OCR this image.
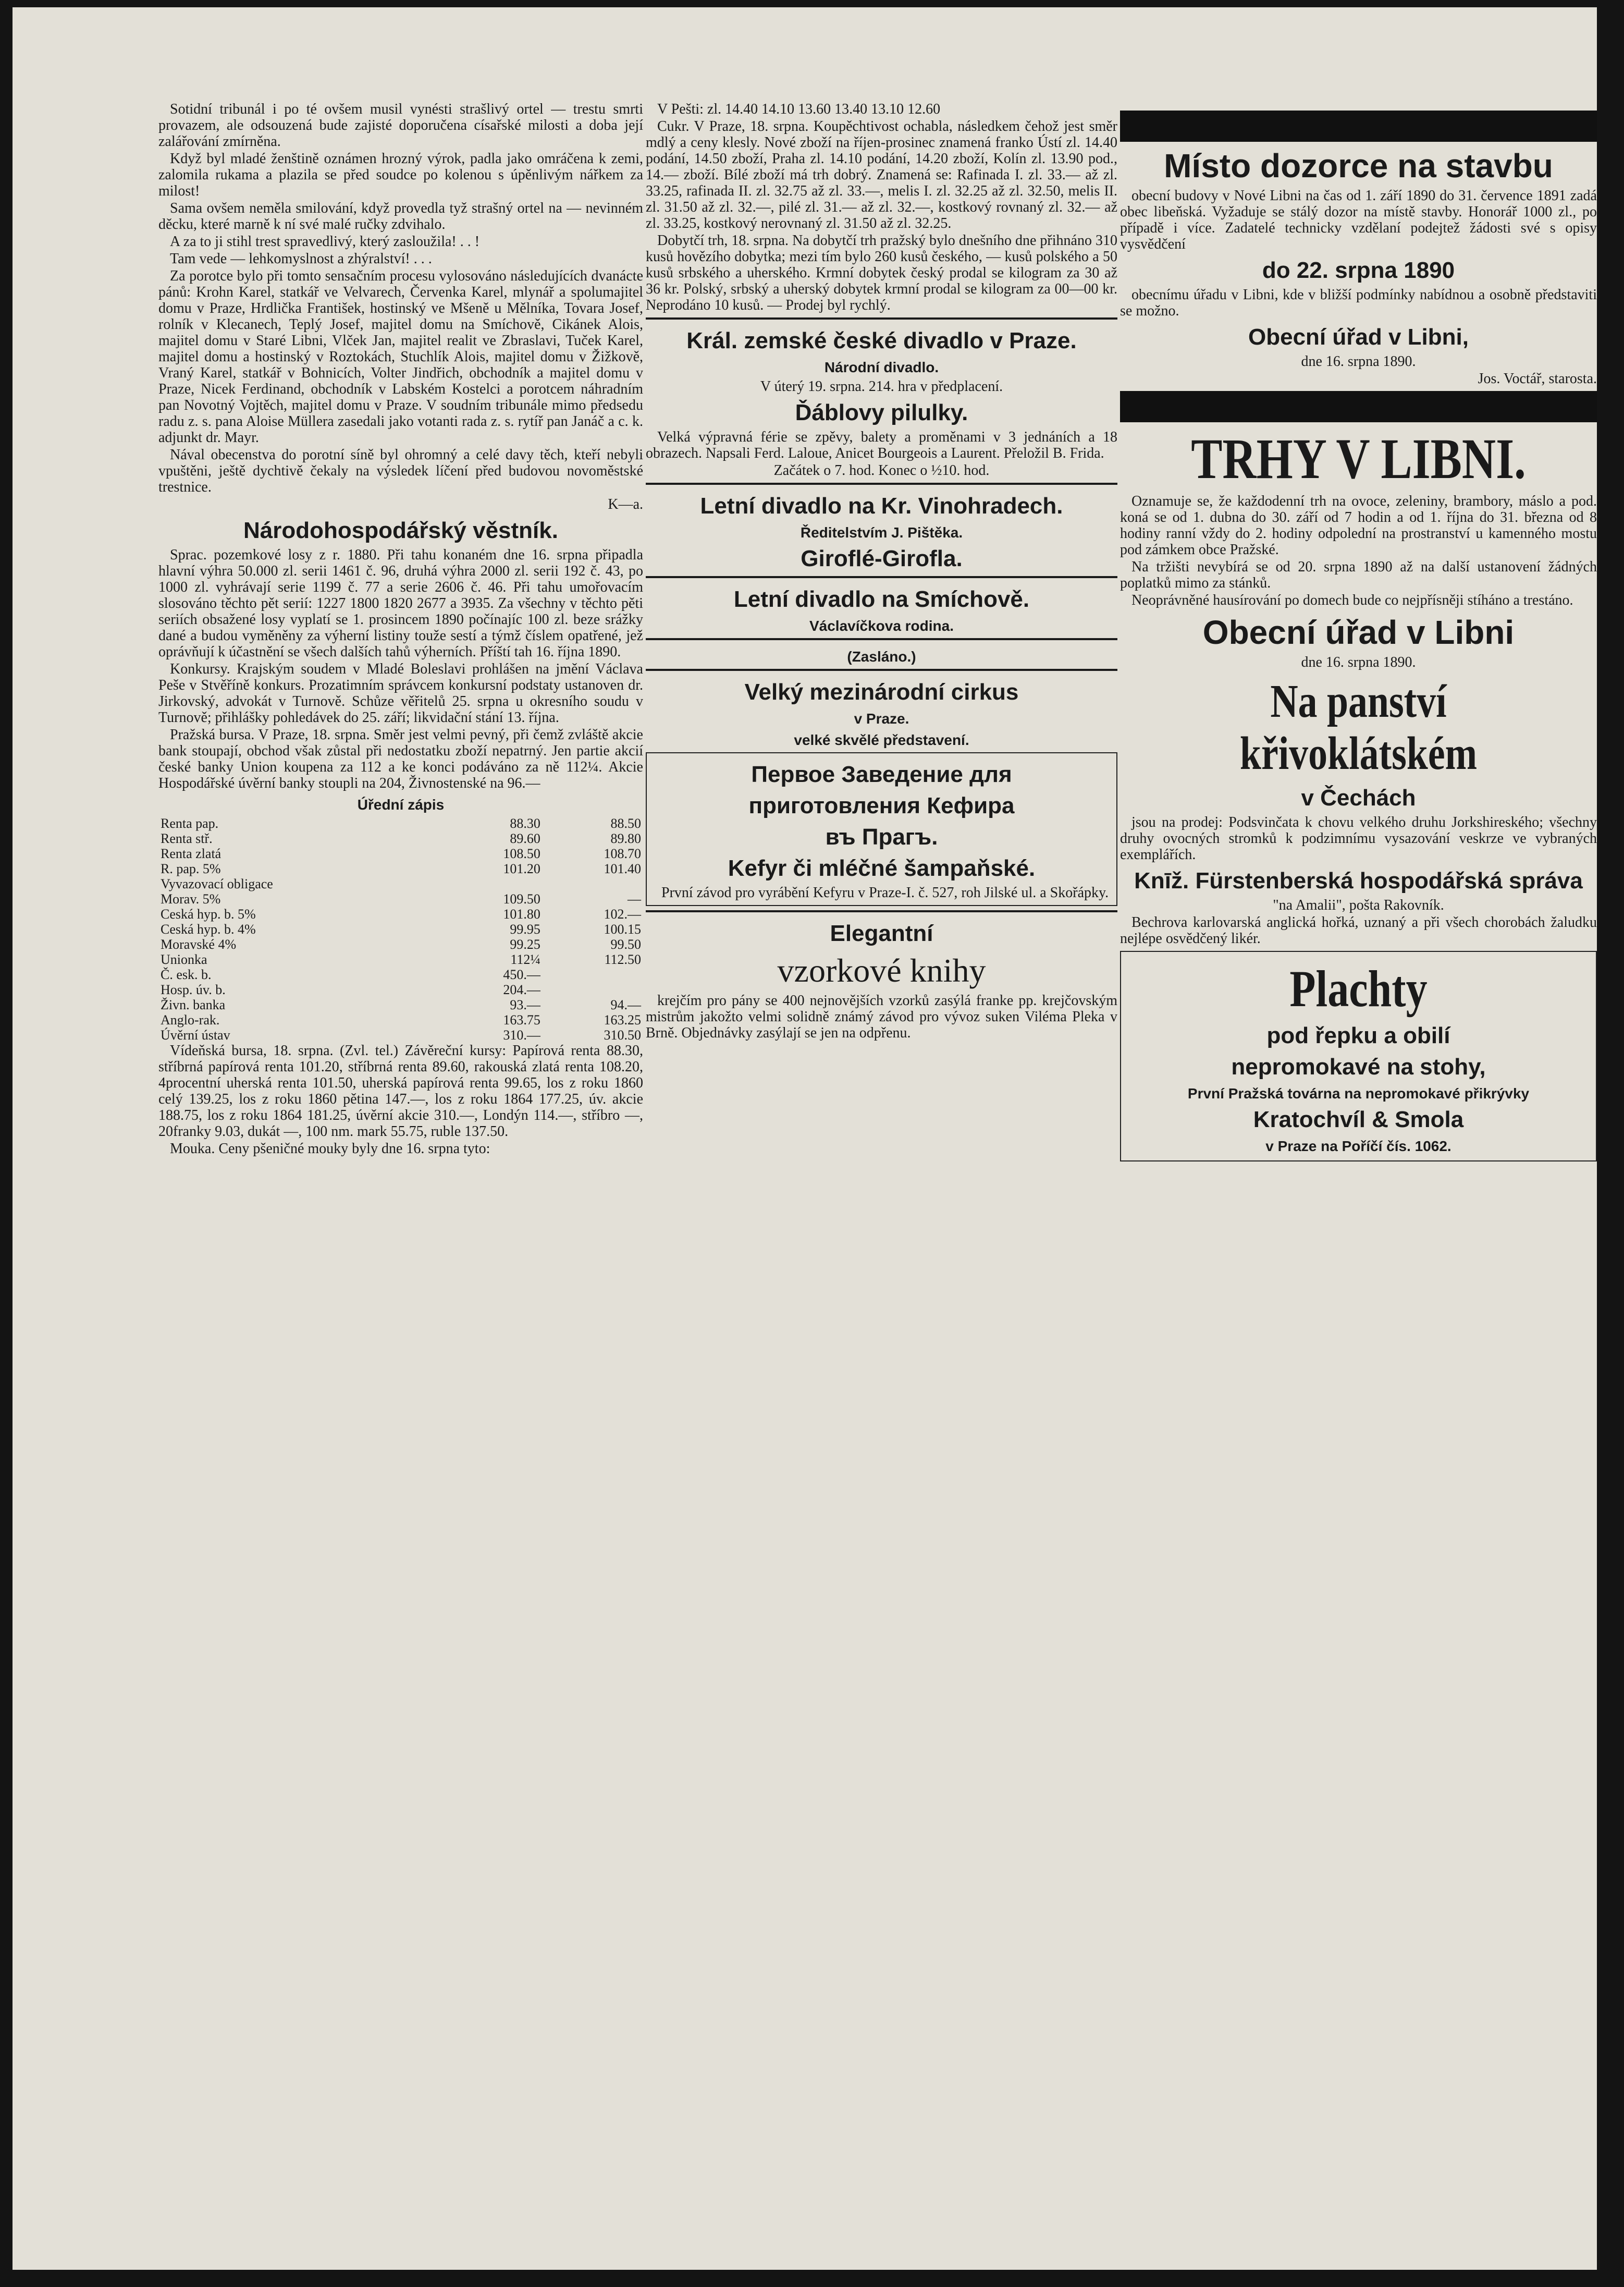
Sotidní tribunál i po té ovšem musil vynésti strašlivý ortel — trestu smrti provazem, ale odsouzená bude zajisté doporučena císařské milosti a doba její zalářování zmírněna.

Když byl mladé ženštině oznámen hrozný výrok, padla jako omráčena k zemi, zalomila rukama a plazila se před soudce po kolenou s úpěnlivým nářkem za milost!

Sama ovšem neměla smilování, když provedla tyž strašný ortel na — nevinném děcku, které marně k ní své malé ručky zdvihalo.

A za to ji stihl trest spravedlivý, který zasloužila! . . !

Tam vede — lehkomyslnost a zhýralství! . . .

Za porotce bylo při tomto sensačním procesu vylosováno následujících dvanácte pánů: Krohn Karel, statkář ve Velvarech, Červenka Karel, mlynář a spolumajitel domu v Praze, Hrdlička František, hostinský ve Mšeně u Mělníka, Tovara Josef, rolník v Klecanech, Teplý Josef, majitel domu na Smíchově, Cikánek Alois, majitel domu v Staré Libni, Vlček Jan, majitel realit ve Zbraslavi, Tuček Karel, majitel domu a hostinský v Roztokách, Stuchlík Alois, majitel domu v Žižkově, Vraný Karel, statkář v Bohnicích, Volter Jindřich, obchodník a majitel domu v Praze, Nicek Ferdinand, obchodník v Labském Kostelci a porotcem náhradním pan Novotný Vojtěch, majitel domu v Praze. V soudním tribunále mimo předsedu radu z. s. pana Aloise Müllera zasedali jako votanti rada z. s. rytíř pan Janáč a c. k. adjunkt dr. Mayr.

Nával obecenstva do porotní síně byl ohromný a celé davy těch, kteří nebyli vpuštěni, ještě dychtivě čekaly na výsledek líčení před budovou novoměstské trestnice.

K—a.

Národohospodářský věstník.

Sprac. pozemkové losy z r. 1880. Při tahu konaném dne 16. srpna připadla hlavní výhra 50.000 zl. serii 1461 č. 96, druhá výhra 2000 zl. serii 192 č. 43, po 1000 zl. vyhrávají serie 1199 č. 77 a serie 2606 č. 46. Při tahu umořovacím slosováno těchto pět serií: 1227 1800 1820 2677 a 3935. Za všechny v těchto pěti seriích obsažené losy vyplatí se 1. prosincem 1890 počínajíc 100 zl. beze srážky dané a budou vyměněny za výherní listiny touže sestí a týmž číslem opatřené, jež oprávňují k účastnění se všech dalších tahů výherních. Příští tah 16. října 1890.

Konkursy. Krajským soudem v Mladé Boleslavi prohlášen na jmění Václava Peše v Stvěříně konkurs. Prozatimním správcem konkursní podstaty ustanoven dr. Jirkovský, advokát v Turnově. Schůze věřitelů 25. srpna u okresního soudu v Turnově; přihlášky pohledávek do 25. září; likvidační stání 13. října.

Pražská bursa. V Praze, 18. srpna. Směr jest velmi pevný, při čemž zvláště akcie bank stoupají, obchod však zůstal při nedostatku zboží nepatrný. Jen partie akcií české banky Union koupena za 112 a ke konci podáváno za ně 112¼. Akcie Hospodářské úvěrní banky stoupli na 204, Živnostenské na 96.—

Úřední zápis
Renta pap.	88.30	88.50
Renta stř.	89.60	89.80
Renta zlatá	108.50	108.70
R. pap. 5%	101.20	101.40
Vyvazovací obligace		
Morav. 5%	109.50	—
Ceská hyp. b. 5%	101.80	102.—
Ceská hyp. b. 4%	99.95	100.15
Moravské 4%	99.25	99.50
Unionka	112¼	112.50
Č. esk. b.	450.—	
Hosp. úv. b.	204.—	
Živn. banka	93.—	94.—
Anglo-rak.	163.75	163.25
Úvěrní ústav	310.—	310.50

Vídeňská bursa, 18. srpna. (Zvl. tel.) Závěreční kursy: Papírová renta 88.30, stříbrná papírová renta 101.20, stříbrná renta 89.60, rakouská zlatá renta 108.20, 4procentní uherská renta 101.50, uherská papírová renta 99.65, los z roku 1860 celý 139.25, los z roku 1860 pětina 147.—, los z roku 1864 177.25, úv. akcie 188.75, los z roku 1864 181.25, úvěrní akcie 310.—, Londýn 114.—, stříbro —, 20franky 9.03, dukát —, 100 nm. mark 55.75, ruble 137.50.

Mouka. Ceny pšeničné mouky byly dne 16. srpna tyto:

V Pešti: zl. 14.40 14.10 13.60 13.40 13.10 12.60

Cukr. V Praze, 18. srpna. Koupěchtivost ochabla, následkem čehož jest směr mdlý a ceny klesly. Nové zboží na říjen-prosinec znamená franko Ústí zl. 14.40 podání, 14.50 zboží, Praha zl. 14.10 podání, 14.20 zboží, Kolín zl. 13.90 pod., 14.— zboží. Bílé zboží má trh dobrý. Znamená se: Rafinada I. zl. 33.— až zl. 33.25, rafinada II. zl. 32.75 až zl. 33.—, melis I. zl. 32.25 až zl. 32.50, melis II. zl. 31.50 až zl. 32.—, pilé zl. 31.— až zl. 32.—, kostkový rovnaný zl. 32.— až zl. 33.25, kostkový nerovnaný zl. 31.50 až zl. 32.25.

Dobytčí trh, 18. srpna. Na dobytčí trh pražský bylo dnešního dne přihnáno 310 kusů hovězího dobytka; mezi tím bylo 260 kusů českého, — kusů polského a 50 kusů srbského a uherského. Krmní dobytek český prodal se kilogram za 30 až 36 kr. Polský, srbský a uherský dobytek krmní prodal se kilogram za 00—00 kr. Neprodáno 10 kusů. — Prodej byl rychlý.

Král. zemské české divadlo v Praze.
Národní divadlo.

V úterý 19. srpna. 214. hra v předplacení.

Ďáblovy pilulky.

Velká výpravná férie se zpěvy, balety a proměnami v 3 jednáních a 18 obrazech. Napsali Ferd. Laloue, Anicet Bourgeois a Laurent. Přeložil B. Frida.

Začátek o 7. hod. Konec o ½10. hod.

Letní divadlo na Kr. Vinohradech.
Ředitelstvím J. Pištěka.
Giroflé-Girofla.
Letní divadlo na Smíchově.
Václavíčkova rodina.
(Zasláno.)
Velký mezinárodní cirkus
v Praze.
velké skvělé představení.
Первое Заведение для
приготовления Кефира
въ Прагъ.
Kefyr či mléčné šampaňské.

První závod pro vyrábění Kefyru v Praze-I. č. 527, roh Jilské ul. a Skořápky.

Elegantní
vzorkové knihy

krejčím pro pány se 400 nejnovějších vzorků zasýlá franke pp. krejčovským mistrům jakožto velmi solidně známý závod pro vývoz suken Viléma Pleka v Brně. Objednávky zasýlají se jen na odpřenu.

Místo dozorce na stavbu

obecní budovy v Nové Libni na čas od 1. září 1890 do 31. července 1891 zadá obec libeňská. Vyžaduje se stálý dozor na místě stavby. Honorář 1000 zl., po případě i více. Zadatelé technicky vzdělaní podejtež žádosti své s opisy vysvědčení

do 22. srpna 1890

obecnímu úřadu v Libni, kde v bližší podmínky nabídnou a osobně představiti se možno.

Obecní úřad v Libni,

dne 16. srpna 1890.

Jos. Voctář, starosta.

TRHY V LIBNI.

Oznamuje se, že každodenní trh na ovoce, zeleniny, brambory, máslo a pod. koná se od 1. dubna do 30. září od 7 hodin a od 1. října do 31. března od 8 hodiny ranní vždy do 2. hodiny odpolední na prostranství u kamenného mostu pod zámkem obce Pražské.

Na tržišti nevybírá se od 20. srpna 1890 až na další ustanovení žádných poplatků mimo za stánků.

Neoprávněné hausírování po domech bude co nejpřísněji stíháno a trestáno.

Obecní úřad v Libni

dne 16. srpna 1890.

Na panství křivoklátském
v Čechách

jsou na prodej: Podsvinčata k chovu velkého druhu Jorkshireského; všechny druhy ovocných stromků k podzimnímu vysazování veskrze ve vybraných exemplářích.

Knīž. Fürstenberská hospodářská správa

"na Amalii", pošta Rakovník.

Bechrova karlovarská anglická hořká, uznaný a při všech chorobách žaludku nejlépe osvědčený likér.

Plachty
pod řepku a obilí
nepromokavé na stohy,
První Pražská továrna na nepromokavé přikrývky
Kratochvíl & Smola
v Praze na Poříčí čís. 1062.
